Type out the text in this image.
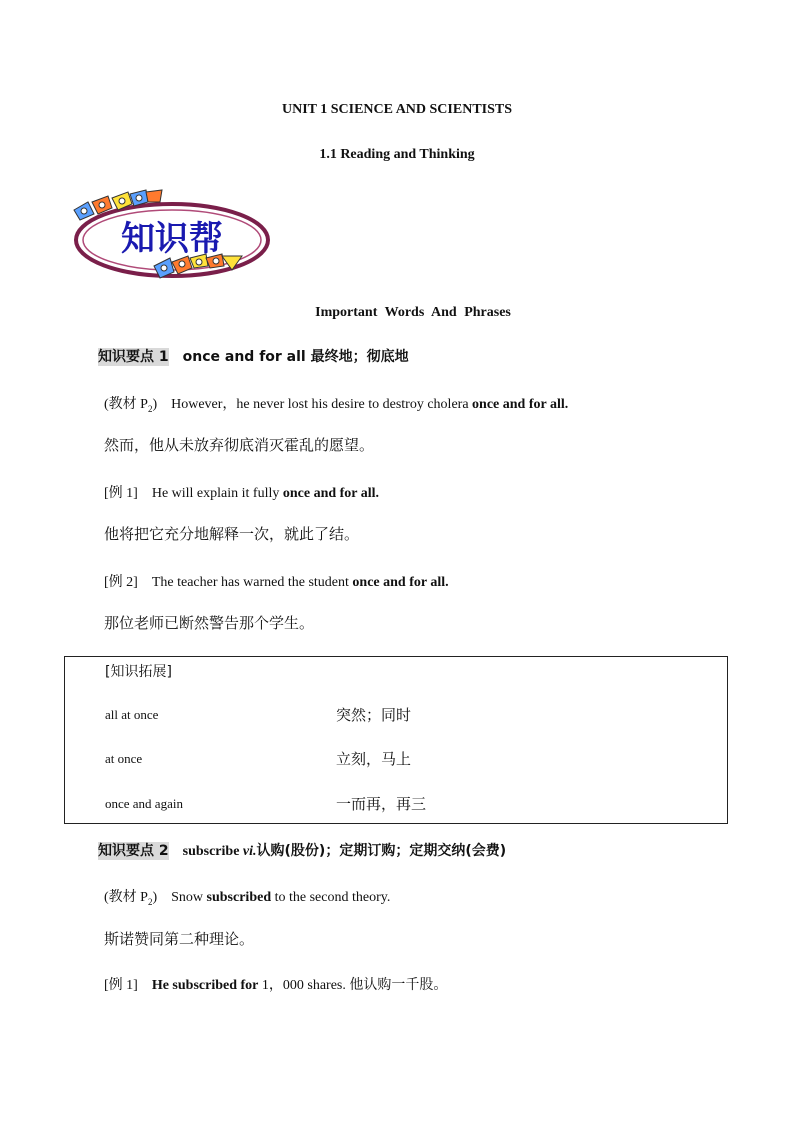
UNIT 1 SCIENCE AND SCIENTISTS
1.1 Reading and Thinking
知识帮
Important Words And Phrases
知识要点 1 once and for all 最终地；彻底地
(教材 $P_2$) However，he never lost his desire to destroy cholera once and for all.
然而，他从未放弃彻底消灭霍乱的愿望。
[例 1] He will explain it fully once and for all.
他将把它充分地解释一次，就此了结。
[例 2] The teacher has warned the student once and for all.
那位老师已断然警告那个学生。
[知识拓展]
all at once	突然；同时
at once	立刻，马上
once and again	一而再，再三
知识要点 2 subscribe vi.认购(股份)；定期订购；定期交纳(会费)
(教材 $P_2$) Snow subscribed to the second theory.
斯诺赞同第二种理论。
[例 1] He subscribed for 1，000 shares. 他认购一千股。
